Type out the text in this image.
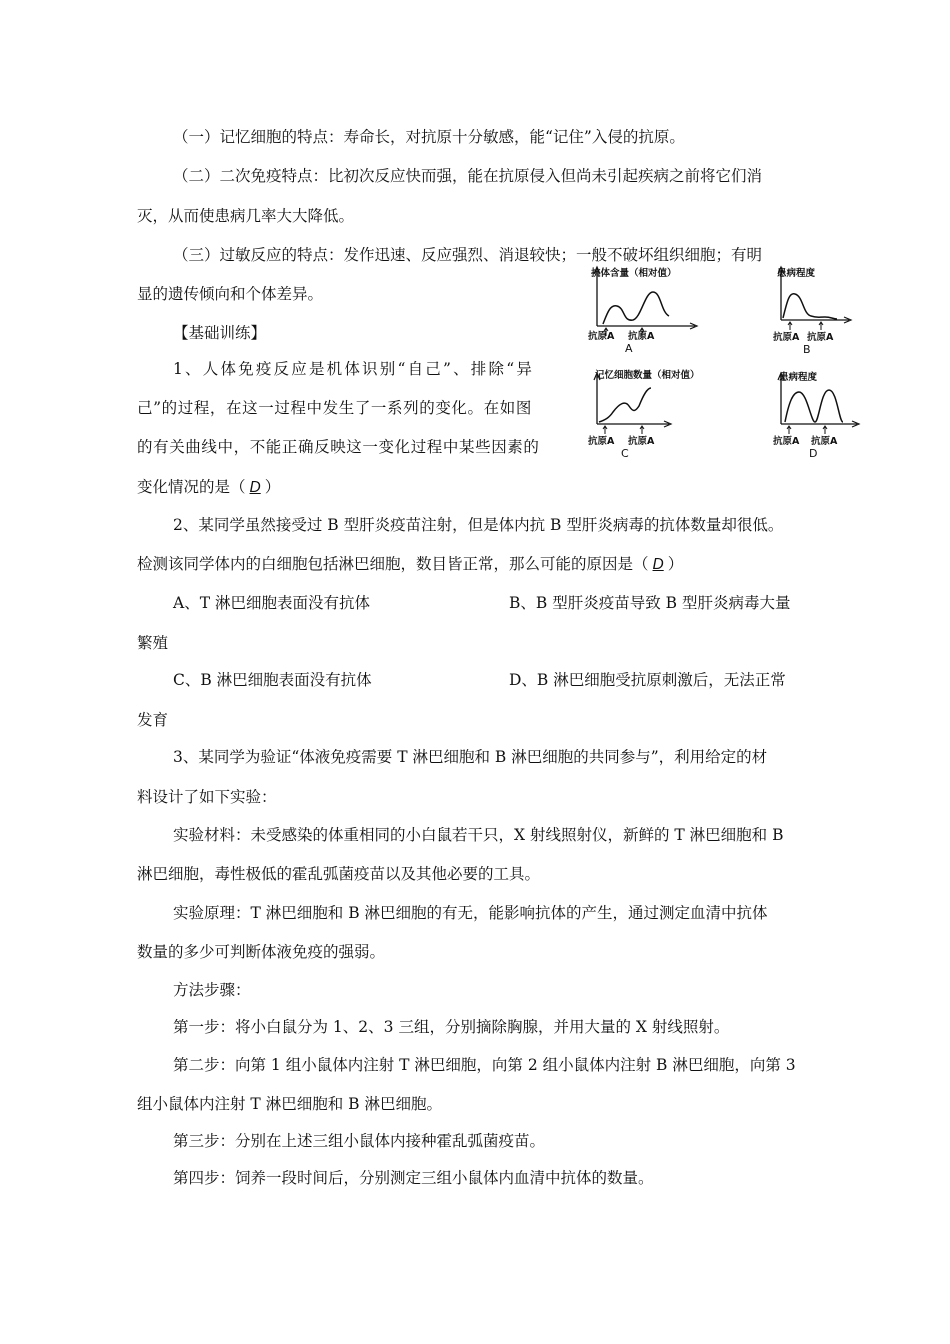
（一）记忆细胞的特点：寿命长，对抗原十分敏感，能“记住”入侵的抗原。
（二）二次免疫特点：比初次反应快而强，能在抗原侵入但尚未引起疾病之前将它们消
灭，从而使患病几率大大降低。
（三）过敏反应的特点：发作迅速、反应强烈、消退较快；一般不破坏组织细胞；有明
显的遗传倾向和个体差异。
【基础训练】
1、人体免疫反应是机体识别“自己”、排除“异
己”的过程，在这一过程中发生了一系列的变化。在如图
的有关曲线中，不能正确反映这一变化过程中某些因素的
变化情况的是（ D ）
抗体含量（相对值）
抗原A 抗原A
A
患病程度
抗原A 抗原A
B
记忆细胞数量（相对值）
抗原A 抗原A
C
患病程度
抗原A 抗原A
D
2、某同学虽然接受过 B 型肝炎疫苗注射，但是体内抗 B 型肝炎病毒的抗体数量却很低。
检测该同学体内的白细胞包括淋巴细胞，数目皆正常，那么可能的原因是（ D ）
A、T 淋巴细胞表面没有抗体	B、B 型肝炎疫苗导致 B 型肝炎病毒大量
繁殖
C、B 淋巴细胞表面没有抗体	D、B 淋巴细胞受抗原刺激后，无法正常
发育
3、某同学为验证“体液免疫需要 T 淋巴细胞和 B 淋巴细胞的共同参与”，利用给定的材
料设计了如下实验：
实验材料：未受感染的体重相同的小白鼠若干只，X 射线照射仪，新鲜的 T 淋巴细胞和 B
淋巴细胞，毒性极低的霍乱弧菌疫苗以及其他必要的工具。
实验原理：T 淋巴细胞和 B 淋巴细胞的有无，能影响抗体的产生，通过测定血清中抗体
数量的多少可判断体液免疫的强弱。
方法步骤：
第一步：将小白鼠分为 1、2、3 三组，分别摘除胸腺，并用大量的 X 射线照射。
第二步：向第 1 组小鼠体内注射 T 淋巴细胞，向第 2 组小鼠体内注射 B 淋巴细胞，向第 3
组小鼠体内注射 T 淋巴细胞和 B 淋巴细胞。
第三步：分别在上述三组小鼠体内接种霍乱弧菌疫苗。
第四步：饲养一段时间后，分别测定三组小鼠体内血清中抗体的数量。
